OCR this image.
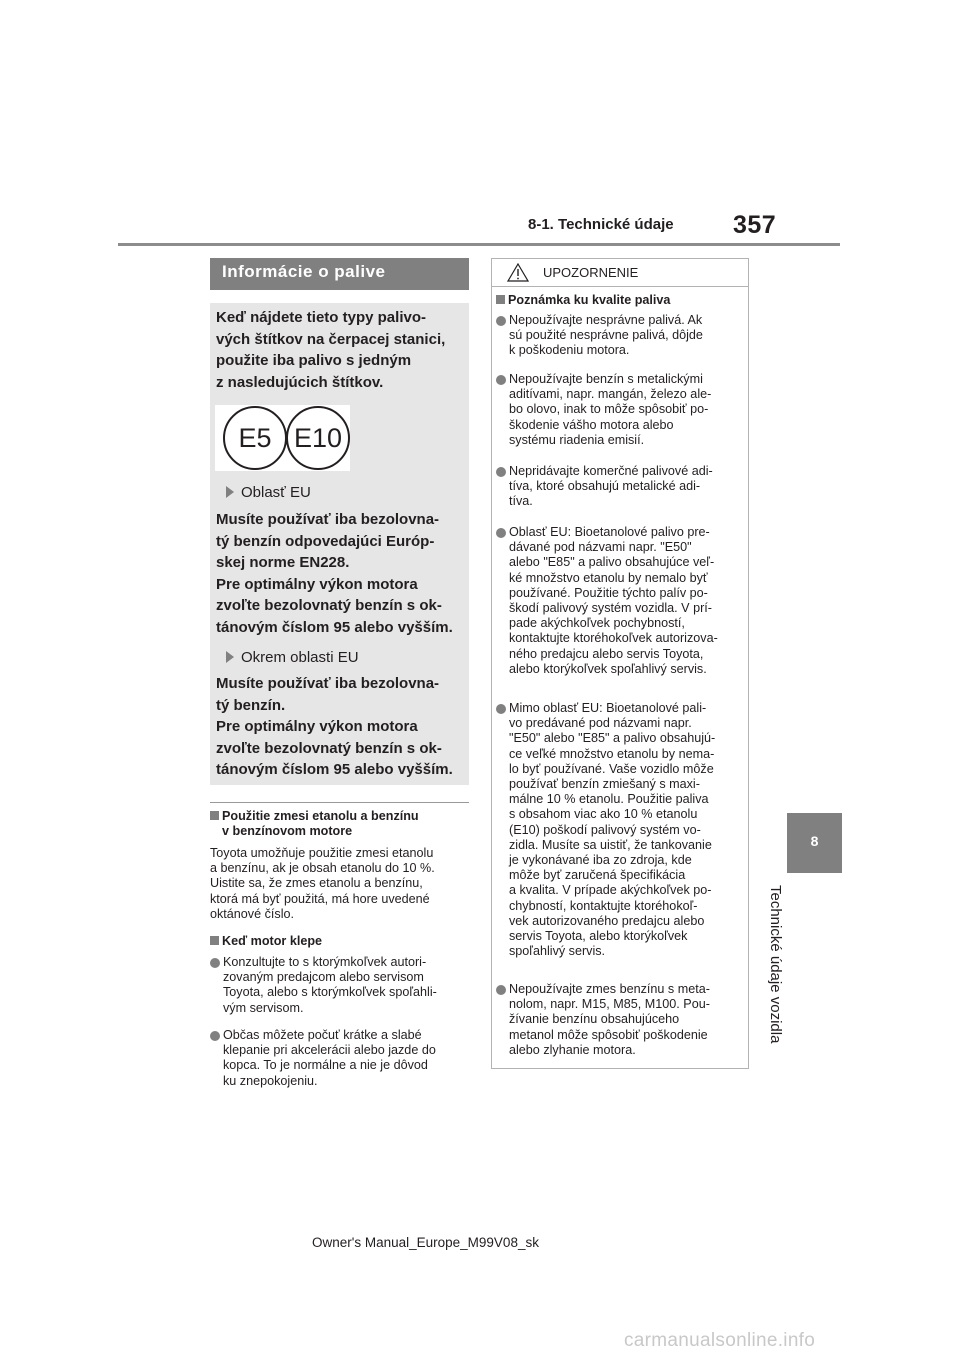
8-1. Technické údaje 357
8
Technické údaje vozidla
Informácie o palive
Keď nájdete tieto typy palivo-
vých štítkov na čerpacej stanici,
použite iba palivo s jedným
z nasledujúcich štítkov.
E5 E10
Oblasť EU
Musíte používať iba bezolovna-
tý benzín odpovedajúci Európ-
skej norme EN228.
Pre optimálny výkon motora
zvoľte bezolovnatý benzín s ok-
tánovým číslom 95 alebo vyšším.
Okrem oblasti EU
Musíte používať iba bezolovna-
tý benzín.
Pre optimálny výkon motora
zvoľte bezolovnatý benzín s ok-
tánovým číslom 95 alebo vyšším.
Použitie zmesi etanolu a benzínu
v benzínovom motore
Toyota umožňuje použitie zmesi etanolu
a benzínu, ak je obsah etanolu do 10 %.
Uistite sa, že zmes etanolu a benzínu,
ktorá má byť použitá, má hore uvedené
oktánové číslo.
Keď motor klepe
Konzultujte to s ktorýmkoľvek autori-
zovaným predajcom alebo servisom
Toyota, alebo s ktorýmkoľvek spoľahli-
vým servisom.
Občas môžete počuť krátke a slabé
klepanie pri akcelerácii alebo jazde do
kopca. To je normálne a nie je dôvod
ku znepokojeniu.
UPOZORNENIE
Poznámka ku kvalite paliva
Nepoužívajte nesprávne palivá. Ak
sú použité nesprávne palivá, dôjde
k poškodeniu motora.
Nepoužívajte benzín s metalickými
aditívami, napr. mangán, železo ale-
bo olovo, inak to môže spôsobiť po-
škodenie vášho motora alebo
systému riadenia emisií.
Nepridávajte komerčné palivové adi-
tíva, ktoré obsahujú metalické adi-
tíva.
Oblasť EU: Bioetanolové palivo pre-
dávané pod názvami napr. "E50"
alebo "E85" a palivo obsahujúce veľ-
ké množstvo etanolu by nemalo byť
používané. Použitie týchto palív po-
škodí palivový systém vozidla. V prí-
pade akýchkoľvek pochybností,
kontaktujte ktoréhokoľvek autorizova-
ného predajcu alebo servis Toyota,
alebo ktorýkoľvek spoľahlivý servis.
Mimo oblasť EU: Bioetanolové pali-
vo predávané pod názvami napr.
"E50" alebo "E85" a palivo obsahujú-
ce veľké množstvo etanolu by nema-
lo byť používané. Vaše vozidlo môže
používať benzín zmiešaný s maxi-
málne 10 % etanolu. Použitie paliva
s obsahom viac ako 10 % etanolu
(E10) poškodí palivový systém vo-
zidla. Musíte sa uistiť, že tankovanie
je vykonávané iba zo zdroja, kde
môže byť zaručená špecifikácia
a kvalita. V prípade akýchkoľvek po-
chybností, kontaktujte ktoréhokoľ-
vek autorizovaného predajcu alebo
servis Toyota, alebo ktorýkoľvek
spoľahlivý servis.
Nepoužívajte zmes benzínu s meta-
nolom, napr. M15, M85, M100. Pou-
žívanie benzínu obsahujúceho
metanol môže spôsobiť poškodenie
alebo zlyhanie motora.
Owner's Manual_Europe_M99V08_sk
carmanualsonline.info
